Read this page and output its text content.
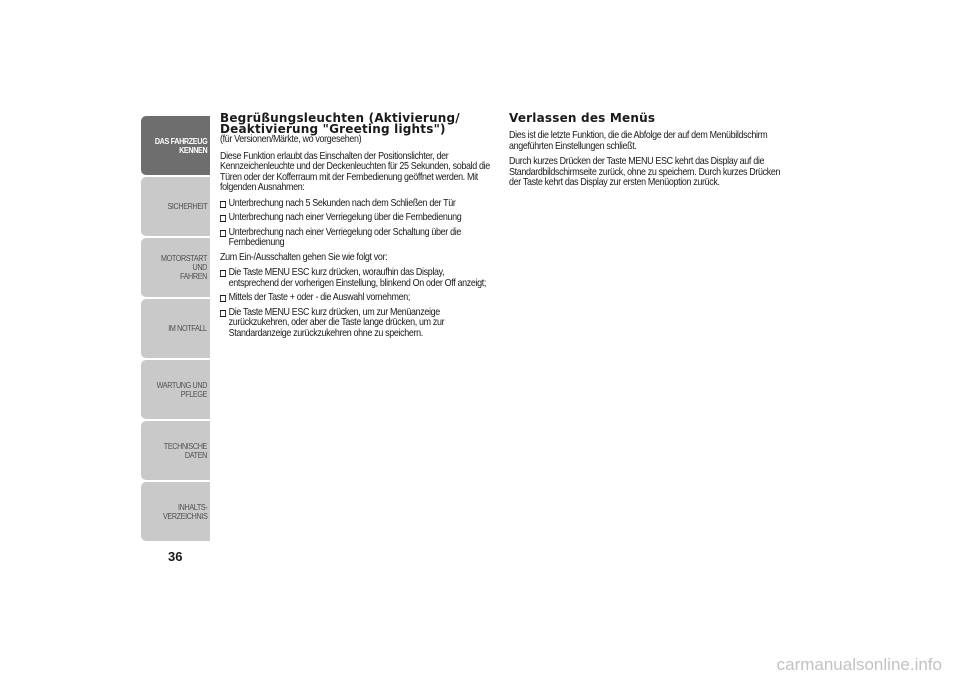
DAS FAHRZEUG
KENNEN
SICHERHEIT
MOTORSTART UND
FAHREN
IM NOTFALL
WARTUNG UND
PFLEGE
TECHNISCHE DATEN
INHALTS-
VERZEICHNIS
36
Begrüßungsleuchten (Aktivierung/
Deaktivierung "Greeting lights")

(für Versionen/Märkte, wo vorgesehen)

Diese Funktion erlaubt das Einschalten der Positionslichter, der Kennzeichenleuchte und der Deckenleuchten für 25 Sekunden, sobald die Türen oder der Kofferraum mit der Fernbedienung geöffnet werden. Mit folgenden Ausnahmen:

Unterbrechung nach 5 Sekunden nach dem Schließen der Tür
Unterbrechung nach einer Verriegelung über die Fernbedienung
Unterbrechung nach einer Verriegelung oder Schaltung über die Fernbedienung

Zum Ein-/Ausschalten gehen Sie wie folgt vor:

Die Taste MENU ESC kurz drücken, woraufhin das Display, entsprechend der vorherigen Einstellung, blinkend On oder Off anzeigt;
Mittels der Taste + oder - die Auswahl vornehmen;
Die Taste MENU ESC kurz drücken, um zur Menüanzeige zurückzukehren, oder aber die Taste lange drücken, um zur Standardanzeige zurückzukehren ohne zu speichern.
Verlassen des Menüs

Dies ist die letzte Funktion, die die Abfolge der auf dem Menübildschirm angeführten Einstellungen schließt.

Durch kurzes Drücken der Taste MENU ESC kehrt das Display auf die Standardbildschirmseite zurück, ohne zu speichern. Durch kurzes Drücken der Taste kehrt das Display zur ersten Menüoption zurück.

carmanualsonline.info
